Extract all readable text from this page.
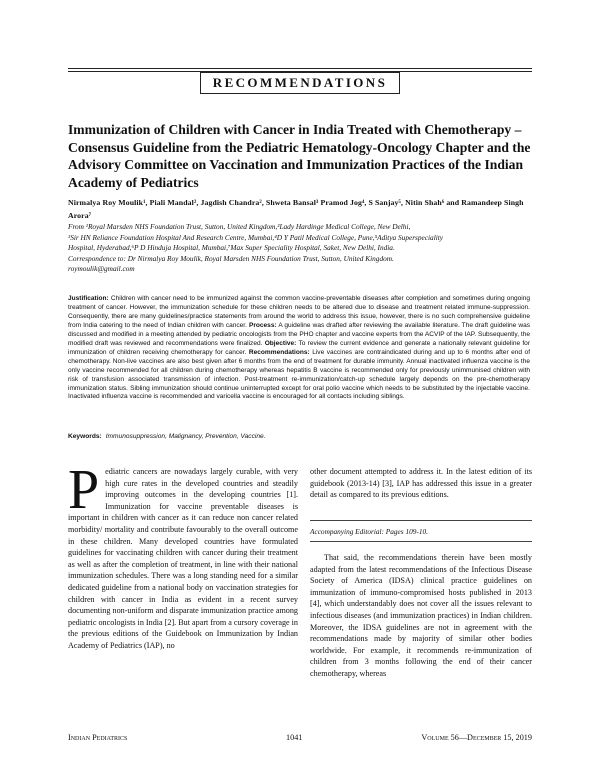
RECOMMENDATIONS
Immunization of Children with Cancer in India Treated with Chemotherapy – Consensus Guideline from the Pediatric Hematology-Oncology Chapter and the Advisory Committee on Vaccination and Immunization Practices of the Indian Academy of Pediatrics
Nirmalya Roy Moulik¹, Piali Mandal², Jagdish Chandra², Shweta Bansal³ Pramod Jog⁴, S Sanjay⁵, Nitin Shah⁶ and Ramandeep Singh Arora⁷
From ¹Royal Marsden NHS Foundation Trust, Sutton, United Kingdom,²Lady Hardinge Medical College, New Delhi,
³Sir HN Reliance Foundation Hospital And Research Centre, Mumbai,⁴D Y Patil Medical College, Pune,⁵Aditya Superspeciality
Hospital, Hyderabad,⁶P D Hinduja Hospital, Mumbai,⁷Max Super Speciality Hospital, Saket, New Delhi, India.
Correspondence to: Dr Nirmalya Roy Moulik, Royal Marsden NHS Foundation Trust, Sutton, United Kingdom.
roymoulik@gmail.com
Justification: Children with cancer need to be immunized against the common vaccine-preventable diseases after completion and sometimes during ongoing treatment of cancer. However, the immunization schedule for these children needs to be altered due to disease and treatment related immune-suppression. Consequently, there are many guidelines/practice statements from around the world to address this issue, however, there is no such comprehensive guideline from India catering to the need of Indian children with cancer. Process: A guideline was drafted after reviewing the available literature. The draft guideline was discussed and modified in a meeting attended by pediatric oncologists from the PHO chapter and vaccine experts from the ACVIP of the IAP. Subsequently, the modified draft was reviewed and recommendations were finalized. Objective: To review the current evidence and generate a nationally relevant guideline for immunization of children receiving chemotherapy for cancer. Recommendations: Live vaccines are contraindicated during and up to 6 months after end of chemotherapy. Non-live vaccines are also best given after 6 months from the end of treatment for durable immunity. Annual inactivated influenza vaccine is the only vaccine recommended for all children during chemotherapy whereas hepatitis B vaccine is recommended only for previously unimmunised children with risk of transfusion associated transmission of infection. Post-treatment re-immunization/catch-up schedule largely depends on the pre-chemotherapy immunization status. Sibling immunization should continue uninterrupted except for oral polio vaccine which needs to be substituted by the injectable vaccine. Inactivated influenza vaccine is recommended and varicella vaccine is encouraged for all contacts including siblings.
Keywords: Immunosuppression, Malignancy, Prevention, Vaccine.

Pediatric cancers are nowadays largely curable, with very high cure rates in the developed countries and steadily improving outcomes in the developing countries [1]. Immunization for vaccine preventable diseases is important in children with cancer as it can reduce non cancer related morbidity/ mortality and contribute favourably to the overall outcome in these children. Many developed countries have formulated guidelines for vaccinating children with cancer during their treatment as well as after the completion of treatment, in line with their national immunization schedules. There was a long standing need for a similar dedicated guideline from a national body on vaccination strategies for children with cancer in India as evident in a recent survey documenting non-uniform and disparate immunization practice among pediatric oncologists in India [2]. But apart from a cursory coverage in the previous editions of the Guidebook on Immunization by Indian Academy of Pediatrics (IAP), no

other document attempted to address it. In the latest edition of its guidebook (2013-14) [3], IAP has addressed this issue in a greater detail as compared to its previous editions.

Accompanying Editorial: Pages 109-10.

That said, the recommendations therein have been mostly adapted from the latest recommendations of the Infectious Disease Society of America (IDSA) clinical practice guidelines on immunization of immuno-compromised hosts published in 2013 [4], which understandably does not cover all the issues relevant to infectious diseases (and immunization practices) in Indian children. Moreover, the IDSA guidelines are not in agreement with the recommendations made by majority of similar other bodies worldwide. For example, it recommends re-immunization of children from 3 months following the end of their cancer chemotherapy, whereas

Indian Pediatrics	1041	Volume 56—December 15, 2019
